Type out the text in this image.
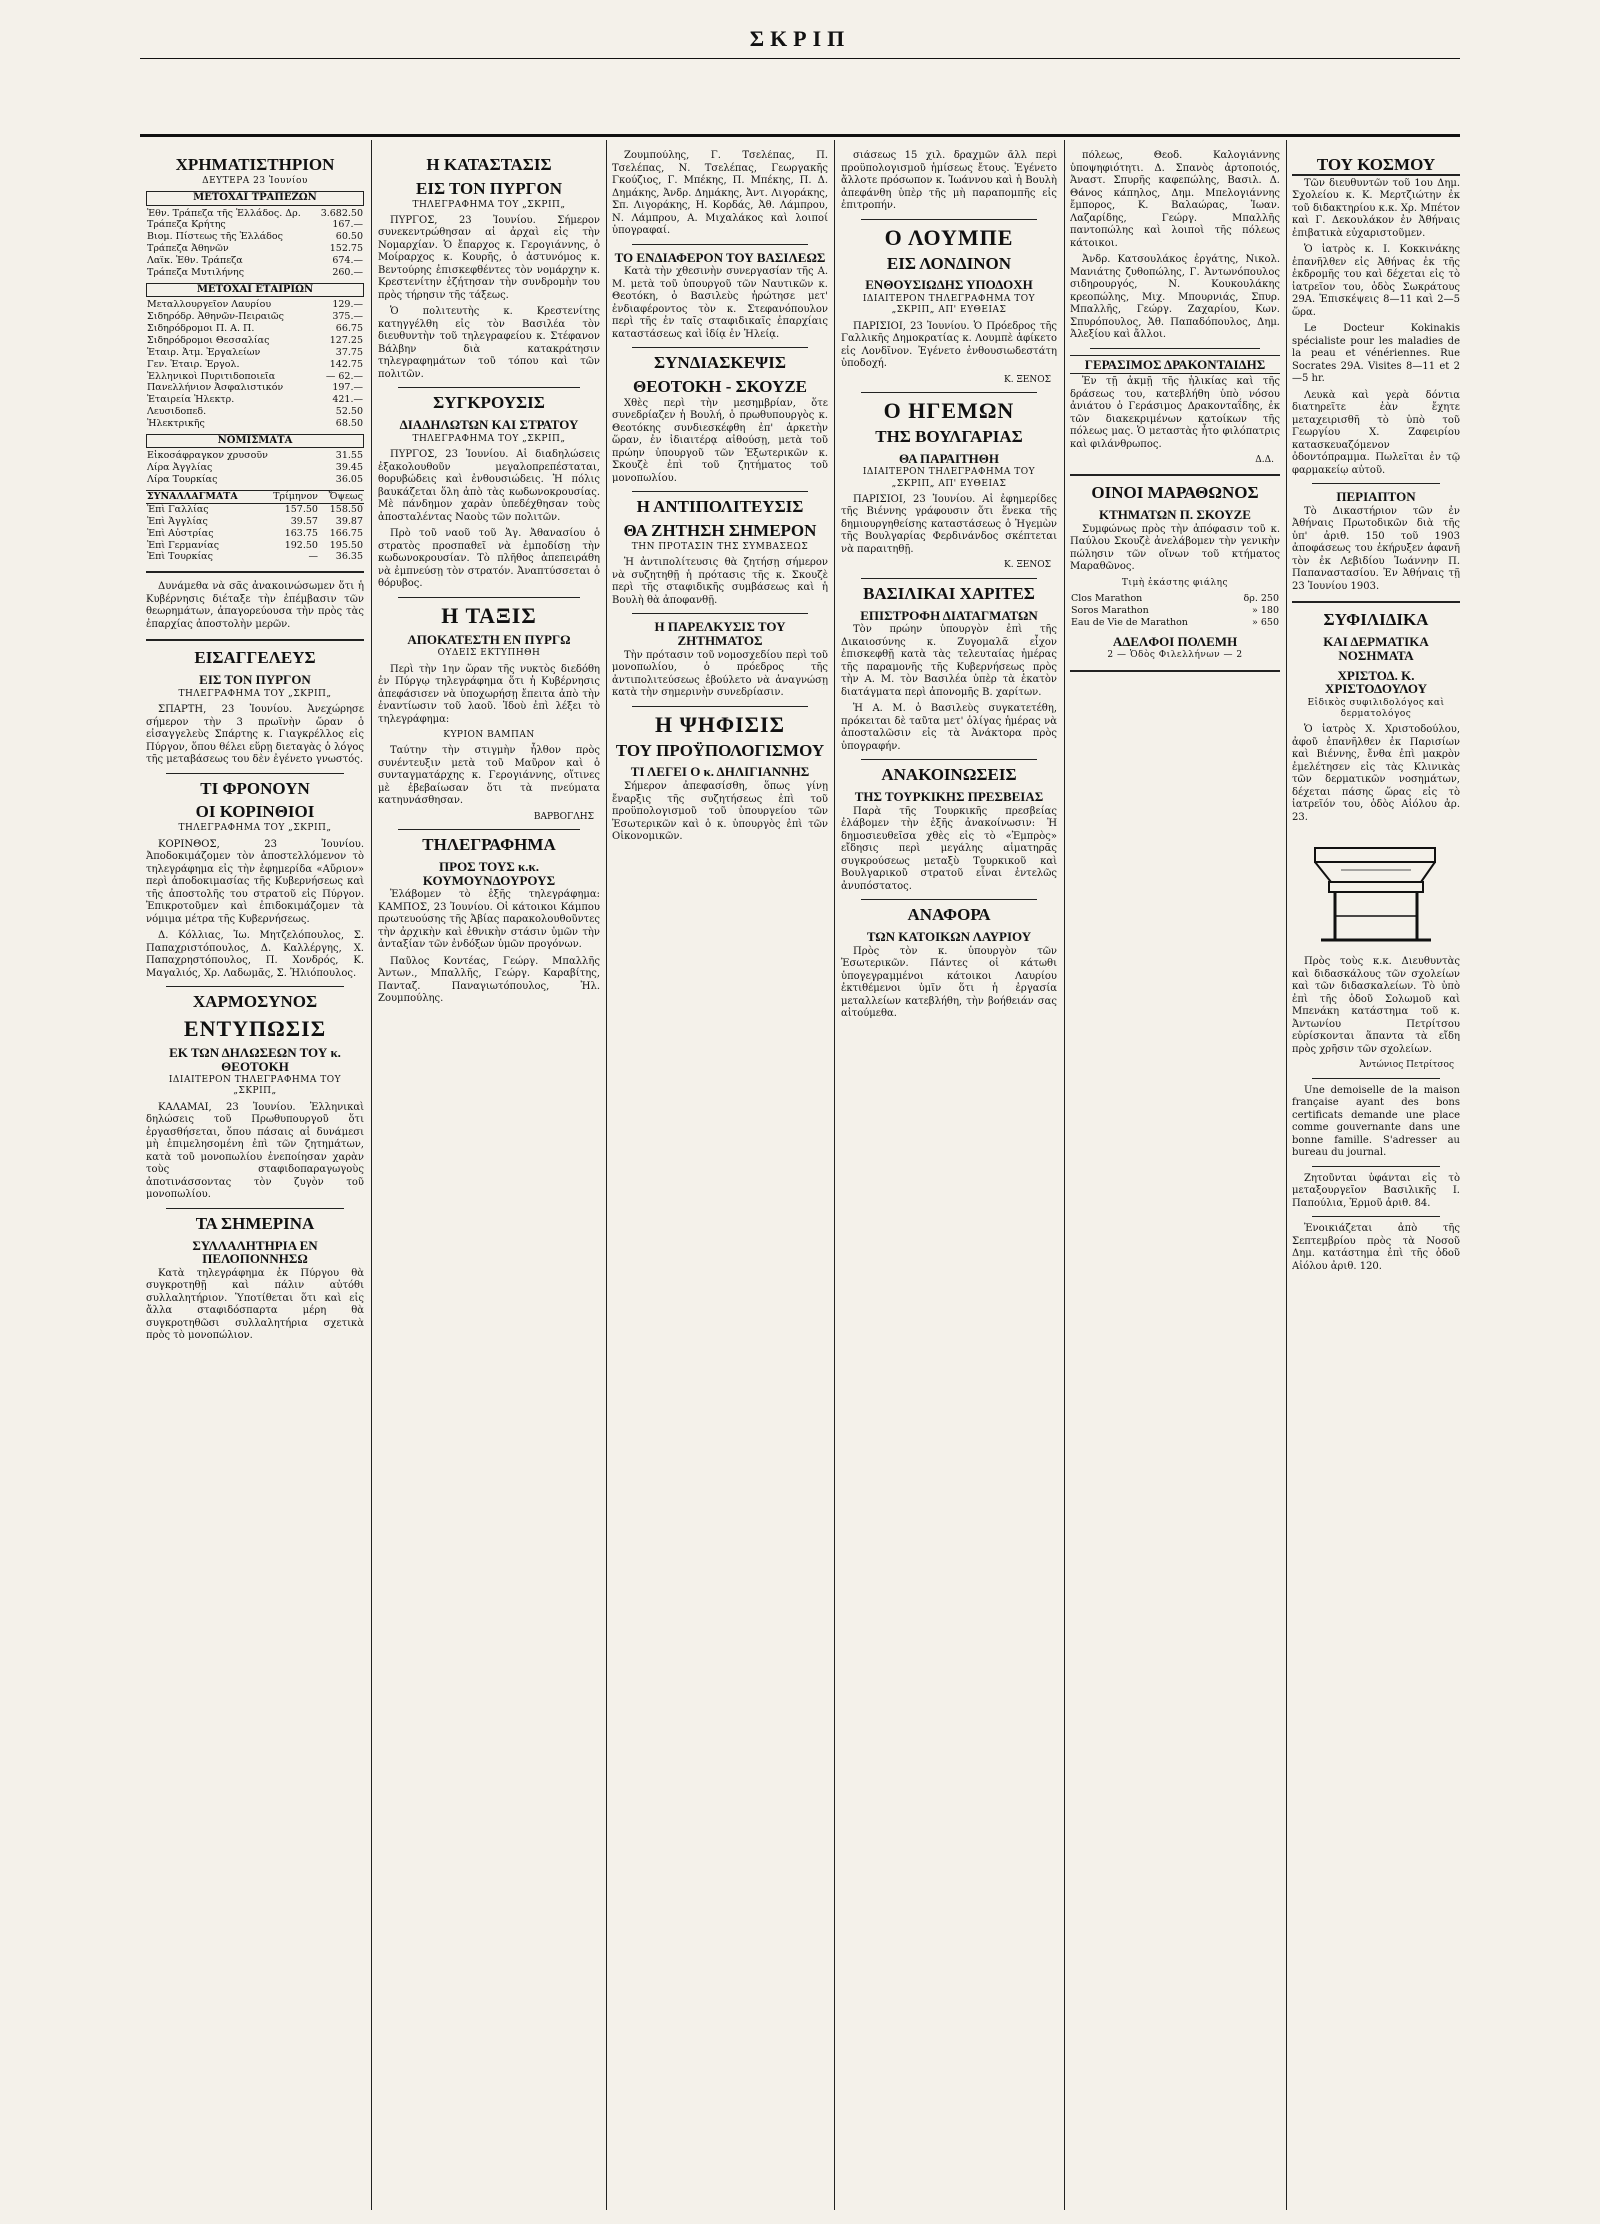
ΣΚΡΙΠ
ΧΡΗΜΑΤΙΣΤΗΡΙΟΝ
ΔΕΥΤΕΡΑ 23 Ἰουνίου
ΜΕΤΟΧΑΙ ΤΡΑΠΕΖΩΝ
Ἐθν. Τράπεζα τῆς Ἑλλάδος. Δρ.	3.682.50
Τράπεζα Κρήτης	167.—
Βιομ. Πίστεως τῆς Ἑλλάδος	60.50
Τράπεζα Ἀθηνῶν	152.75
Λαϊκ. Ἐθν. Τράπεζα	674.—
Τράπεζα Μυτιλήνης	260.—
ΜΕΤΟΧΑΙ ΕΤΑΙΡΙΩΝ
Μεταλλουργεῖον Λαυρίου	129.—
Σιδηρόδρ. Ἀθηνῶν-Πειραιῶς	375.—
Σιδηρόδρομοι Π. Α. Π.	66.75
Σιδηρόδρομοι Θεσσαλίας	127.25
Ἑταιρ. Ἀτμ. Ἐργαλείων	37.75
Γεν. Ἑταιρ. Ἐργολ.	142.75
Ἑλληνικοὶ Πυριτιδοποιεῖα	— 62.—
Πανελλήνιον Ἀσφαλιστικόν	197.—
Ἑταιρεία Ἠλεκτρ.	421.—
Λευσιδοπεδ.	52.50
Ἠλεκτρικῆς	68.50
ΝΟΜΙΣΜΑΤΑ
Εἰκοσάφραγκον χρυσοῦν	31.55
Λίρα Ἀγγλίας	39.45
Λίρα Τουρκίας	36.05
ΣΥΝΑΛΛΑΓΜΑΤΑ	Τρίμηνον	Ὄψεως
Ἐπὶ Γαλλίας	157.50	158.50
Ἐπὶ Ἀγγλίας	39.57	39.87
Ἐπὶ Αὐστρίας	163.75	166.75
Ἐπὶ Γερμανίας	192.50	195.50
Ἐπὶ Τουρκίας	—	36.35

Δυνάμεθα νὰ σᾶς ἀνακοινώσωμεν ὅτι ἡ Κυβέρνησις διέταξε τὴν ἐπέμβασιν τῶν θεωρημάτων, ἀπαγορεύουσα τὴν πρὸς τὰς ἐπαρχίας ἀποστολὴν μερῶν.

ΕΙΣΑΓΓΕΛΕΥΣ
ΕΙΣ ΤΟΝ ΠΥΡΓΟΝ
ΤΗΛΕΓΡΑΦΗΜΑ ΤΟΥ „ΣΚΡΙΠ„

ΣΠΑΡΤΗ, 23 Ἰουνίου. Ἀνεχώρησε σήμερον τὴν 3 πρωϊνὴν ὥραν ὁ εἰσαγγελεὺς Σπάρτης κ. Γιαγκρέλλος εἰς Πύργον, ὅπου θέλει εὕρῃ διεταγὰς ὁ λόγος τῆς μεταβάσεως του δὲν ἐγένετο γνωστός.

ΤΙ ΦΡΟΝΟΥΝ
ΟΙ ΚΟΡΙΝΘΙΟΙ
ΤΗΛΕΓΡΑΦΗΜΑ ΤΟΥ „ΣΚΡΙΠ„

ΚΟΡΙΝΘΟΣ, 23 Ἰουνίου. Ἀποδοκιμάζομεν τὸν ἀποστελλόμενον τὸ τηλεγράφημα εἰς τὴν ἐφημερίδα «Αὔριον» περὶ ἀποδοκιμασίας τῆς Κυβερνήσεως καὶ τῆς ἀποστολῆς του στρατοῦ εἰς Πύργον. Ἐπικροτοῦμεν καὶ ἐπιδοκιμάζομεν τὰ νόμιμα μέτρα τῆς Κυβερνήσεως.

Δ. Κόλλιας, Ἰω. Μητζελόπουλος, Σ. Παπαχριστόπουλος, Δ. Καλλέργης, Χ. Παπαχρηστόπουλος, Π. Χονδρός, Κ. Μαγαλιός, Χρ. Λαδωμᾶς, Σ. Ἠλιόπουλος.

ΧΑΡΜΟΣΥΝΟΣ
ΕΝΤΥΠΩΣΙΣ
ΕΚ ΤΩΝ ΔΗΛΩΣΕΩΝ ΤΟΥ κ. ΘΕΟΤΟΚΗ
ΙΔΙΑΙΤΕΡΟΝ ΤΗΛΕΓΡΑΦΗΜΑ ΤΟΥ „ΣΚΡΙΠ„

ΚΑΛΑΜΑΙ, 23 Ἰουνίου. Ἐλληνικαὶ δηλώσεις τοῦ Πρωθυπουργοῦ ὅτι ἐργασθήσεται, ὅπου πάσαις αἱ δυνάμεσι μὴ ἐπιμελησομένη ἐπὶ τῶν ζητημάτων, κατὰ τοῦ μονοπωλίου ἐνεποίησαν χαρὰν τοὺς σταφιδοπαραγωγοὺς ἀποτινάσσοντας τὸν ζυγὸν τοῦ μονοπωλίου.

ΤΑ ΣΗΜΕΡΙΝΑ
ΣΥΛΛΑΛΗΤΗΡΙΑ ΕΝ ΠΕΛΟΠΟΝΝΗΣΩ

Κατὰ τηλεγράφημα ἐκ Πύργου θὰ συγκροτηθῇ καὶ πάλιν αὐτόθι συλλαλητήριον. Ὑποτίθεται ὅτι καὶ εἰς ἄλλα σταφιδόσπαρτα μέρη θὰ συγκροτηθῶσι συλλαλητήρια σχετικὰ πρὸς τὸ μονοπώλιον.

Η ΚΑΤΑΣΤΑΣΙΣ
ΕΙΣ ΤΟΝ ΠΥΡΓΟΝ
ΤΗΛΕΓΡΑΦΗΜΑ ΤΟΥ „ΣΚΡΙΠ„

ΠΥΡΓΟΣ, 23 Ἰουνίου. Σήμερον συνεκεντρώθησαν αἱ ἀρχαὶ εἰς τὴν Νομαρχίαν. Ὁ ἔπαρχος κ. Γερογιάννης, ὁ Μοίραρχος κ. Κουρῆς, ὁ ἀστυνόμος κ. Βεντούρης ἐπισκεφθέντες τὸν νομάρχην κ. Κρεστενίτην ἐζήτησαν τὴν συνδρομὴν του πρὸς τήρησιν τῆς τάξεως.

Ὁ πολιτευτὴς κ. Κρεστενίτης κατηγγέλθη εἰς τὸν Βασιλέα τὸν διευθυντὴν τοῦ τηλεγραφείου κ. Στέφανον Βάλβην διὰ κατακράτησιν τηλεγραφημάτων τοῦ τόπου καὶ τῶν πολιτῶν.

ΣΥΓΚΡΟΥΣΙΣ
ΔΙΑΔΗΛΩΤΩΝ ΚΑΙ ΣΤΡΑΤΟΥ
ΤΗΛΕΓΡΑΦΗΜΑ ΤΟΥ „ΣΚΡΙΠ„

ΠΥΡΓΟΣ, 23 Ἰουνίου. Αἱ διαδηλώσεις ἐξακολουθοῦν μεγαλοπρεπέσταται, θορυβώδεις καὶ ἐνθουσιώδεις. Ἡ πόλις βαυκάζεται ὅλη ἀπὸ τὰς κωδωνοκρουσίας. Μὲ πάνδημον χαρὰν ὑπεδέχθησαν τοὺς ἀποσταλέντας Ναοὺς τῶν πολιτῶν.

Πρὸ τοῦ ναοῦ τοῦ Ἁγ. Ἀθανασίου ὁ στρατὸς προσπαθεῖ νὰ ἐμποδίσῃ τὴν κωδωνοκρουσίαν. Τὸ πλῆθος ἀπεπειράθη νὰ ἐμπνεύσῃ τὸν στρατόν. Ἀναπτύσσεται ὁ θόρυβος.

Η ΤΑΞΙΣ
ΑΠΟΚΑΤΕΣΤΗ ΕΝ ΠΥΡΓΩ
ΟΥΔΕΙΣ ΕΚΤΥΠΗΘΗ

Περὶ τὴν 1ην ὥραν τῆς νυκτὸς διεδόθη ἐν Πύργῳ τηλεγράφημα ὅτι ἡ Κυβέρνησις ἀπεφάσισεν νὰ ὑποχωρήσῃ ἔπειτα ἀπὸ τὴν ἐναντίωσιν τοῦ λαοῦ. Ἰδοὺ ἐπὶ λέξει τὸ τηλεγράφημα:

ΚΥΡΙΟΝ ΒΑΜΠΑΝ

Ταύτην τὴν στιγμὴν ἦλθον πρὸς συνέντευξιν μετὰ τοῦ Μαῦρον καὶ ὁ συνταγματάρχης κ. Γερογιάννης, οἵτινες μὲ ἐβεβαίωσαν ὅτι τὰ πνεύματα κατηυνάσθησαν.

ΒΑΡΒΟΓΛΗΣ
ΤΗΛΕΓΡΑΦΗΜΑ
ΠΡΟΣ ΤΟΥΣ κ.κ. ΚΟΥΜΟΥΝΔΟΥΡΟΥΣ

Ἐλάβομεν τὸ ἑξῆς τηλεγράφημα: ΚΑΜΠΟΣ, 23 Ἰουνίου. Οἱ κάτοικοι Κάμπου πρωτευούσης τῆς Ἀβίας παρακολουθοῦντες τὴν ἀρχικὴν καὶ ἐθνικὴν στάσιν ὑμῶν τὴν ἀνταξίαν τῶν ἐνδόξων ὑμῶν προγόνων.

Παῦλος Κοντέας, Γεώργ. Μπαλλῆς Ἀντων., Μπαλλῆς, Γεώργ. Καραβίτης, Πανταζ. Παναγιωτόπουλος, Ἠλ. Ζουμπούλης.

Ζουμπούλης, Γ. Τσελέπας, Π. Τσελέπας, Ν. Τσελέπας, Γεωργακῆς Γκούζιος, Γ. Μπέκης, Π. Μπέκης, Π. Δ. Δημάκης, Ἀνδρ. Δημάκης, Ἀντ. Λιγοράκης, Σπ. Λιγοράκης, Η. Κορδάς, Ἀθ. Λάμπρου, Ν. Λάμπρου, Α. Μιχαλάκος καὶ λοιποί ὑπογραφαί.

ΤΟ ΕΝΔΙΑΦΕΡΟΝ ΤΟΥ ΒΑΣΙΛΕΩΣ

Κατὰ τὴν χθεσινὴν συνεργασίαν τῆς Α. Μ. μετὰ τοῦ ὑπουργοῦ τῶν Ναυτικῶν κ. Θεοτόκη, ὁ Βασιλεὺς ἠρώτησε μετ' ἐνδιαφέροντος τὸν κ. Στεφανόπουλον περὶ τῆς ἐν ταῖς σταφιδικαῖς ἐπαρχίαις καταστάσεως καὶ ἰδίᾳ ἐν Ἠλείᾳ.

ΣΥΝΔΙΑΣΚΕΨΙΣ
ΘΕΟΤΟΚΗ - ΣΚΟΥΖΕ

Χθὲς περὶ τὴν μεσημβρίαν, ὅτε συνεδρίαζεν ἡ Βουλή, ὁ πρωθυπουργὸς κ. Θεοτόκης συνδιεσκέφθη ἐπ' ἀρκετὴν ὥραν, ἐν ἰδιαιτέρᾳ αἰθούσῃ, μετὰ τοῦ πρώην ὑπουργοῦ τῶν Ἐξωτερικῶν κ. Σκουζὲ ἐπὶ τοῦ ζητήματος τοῦ μονοπωλίου.

Η ΑΝΤΙΠΟΛΙΤΕΥΣΙΣ
ΘΑ ΖΗΤΗΣΗ ΣΗΜΕΡΟΝ
ΤΗΝ ΠΡΟΤΑΣΙΝ ΤΗΣ ΣΥΜΒΑΣΕΩΣ

Ἡ ἀντιπολίτευσις θὰ ζητήσῃ σήμερον νὰ συζητηθῇ ἡ πρότασις τῆς κ. Σκουζὲ περὶ τῆς σταφιδικῆς συμβάσεως καὶ ἡ Βουλὴ θὰ ἀποφανθῇ.

Η ΠΑΡΕΛΚΥΣΙΣ ΤΟΥ ΖΗΤΗΜΑΤΟΣ

Τὴν πρότασιν τοῦ νομοσχεδίου περὶ τοῦ μονοπωλίου, ὁ πρόεδρος τῆς ἀντιπολιτεύσεως ἐβούλετο νὰ ἀναγνώσῃ κατὰ τὴν σημερινὴν συνεδρίασιν.

Η ΨΗΦΙΣΙΣ
ΤΟΥ ΠΡΟΫΠΟΛΟΓΙΣΜΟΥ
ΤΙ ΛΕΓΕΙ Ο κ. ΔΗΛΙΓΙΑΝΝΗΣ

Σήμερον ἀπεφασίσθη, ὅπως γίνῃ ἔναρξις τῆς συζητήσεως ἐπὶ τοῦ προϋπολογισμοῦ τοῦ ὑπουργείου τῶν Ἐσωτερικῶν καὶ ὁ κ. ὑπουργὸς ἐπὶ τῶν Οἰκονομικῶν.

σιάσεως 15 χιλ. δραχμῶν ἄλλ περὶ προϋπολογισμοῦ ἡμίσεως ἔτους. Ἐγένετο ἄλλοτε πρόσωπον κ. Ἰωάννου καὶ ἡ Βουλὴ ἀπεφάνθη ὑπὲρ τῆς μὴ παραπομπῆς εἰς ἐπιτροπήν.

Ο ΛΟΥΜΠΕ
ΕΙΣ ΛΟΝΔΙΝΟΝ
ΕΝΘΟΥΣΙΩΔΗΣ ΥΠΟΔΟΧΗ
ΙΔΙΑΙΤΕΡΟΝ ΤΗΛΕΓΡΑΦΗΜΑ ΤΟΥ „ΣΚΡΙΠ„ ΑΠ' ΕΥΘΕΙΑΣ

ΠΑΡΙΣΙΟΙ, 23 Ἰουνίου. Ὁ Πρόεδρος τῆς Γαλλικῆς Δημοκρατίας κ. Λουμπὲ ἀφίκετο εἰς Λονδῖνον. Ἐγένετο ἐνθουσιωδεστάτη ὑποδοχή.

Κ. ΞΕΝΟΣ
Ο ΗΓΕΜΩΝ
ΤΗΣ ΒΟΥΛΓΑΡΙΑΣ
ΘΑ ΠΑΡΑΙΤΗΘΗ
ΙΔΙΑΙΤΕΡΟΝ ΤΗΛΕΓΡΑΦΗΜΑ ΤΟΥ „ΣΚΡΙΠ„ ΑΠ' ΕΥΘΕΙΑΣ

ΠΑΡΙΣΙΟΙ, 23 Ἰουνίου. Αἱ ἐφημερίδες τῆς Βιέννης γράφουσιν ὅτι ἕνεκα τῆς δημιουργηθείσης καταστάσεως ὁ Ἡγεμὼν τῆς Βουλγαρίας Φερδινάνδος σκέπτεται νὰ παραιτηθῇ.

Κ. ΞΕΝΟΣ
ΒΑΣΙΛΙΚΑΙ ΧΑΡΙΤΕΣ
ΕΠΙΣΤΡΟΦΗ ΔΙΑΤΑΓΜΑΤΩΝ

Τὸν πρώην ὑπουργὸν ἐπὶ τῆς Δικαιοσύνης κ. Ζυγομαλᾶ εἶχον ἐπισκεφθῇ κατὰ τὰς τελευταίας ἡμέρας τῆς παραμονῆς τῆς Κυβερνήσεως πρὸς τὴν Α. Μ. τὸν Βασιλέα ὑπὲρ τὰ ἐκατὸν διατάγματα περὶ ἀπονομῆς Β. χαρίτων.

Ἡ Α. Μ. ὁ Βασιλεὺς συγκατετέθη, πρόκειται δὲ ταῦτα μετ' ὀλίγας ἡμέρας νὰ ἀποσταλῶσιν εἰς τὰ Ἀνάκτορα πρὸς ὑπογραφήν.

ΑΝΑΚΟΙΝΩΣΕΙΣ
ΤΗΣ ΤΟΥΡΚΙΚΗΣ ΠΡΕΣΒΕΙΑΣ

Παρὰ τῆς Τουρκικῆς πρεσβείας ἐλάβομεν τὴν ἑξῆς ἀνακοίνωσιν: Ἡ δημοσιευθεῖσα χθὲς εἰς τὸ «Ἐμπρὸς» εἴδησις περὶ μεγάλης αἱματηρᾶς συγκρούσεως μεταξὺ Τουρκικοῦ καὶ Βουλγαρικοῦ στρατοῦ εἶναι ἐντελῶς ἀνυπόστατος.

ΑΝΑΦΟΡΑ
ΤΩΝ ΚΑΤΟΙΚΩΝ ΛΑΥΡΙΟΥ

Πρὸς τὸν κ. ὑπουργὸν τῶν Ἐσωτερικῶν. Πάντες οἱ κάτωθι ὑπογεγραμμένοι κάτοικοι Λαυρίου ἐκτιθέμενοι ὑμῖν ὅτι ἡ ἐργασία μεταλλείων κατεβλήθη, τὴν βοήθειάν σας αἰτούμεθα.

πόλεως, Θεοδ. Καλογιάννης ὑποψηφιότητι. Δ. Σπανὸς ἀρτοποιός, Ἀναστ. Σπυρῆς καφεπώλης, Βασιλ. Δ. Θάνος κάπηλος, Δημ. Μπελογιάννης ἔμπορος, Κ. Βαλαώρας, Ἰωαν. Λαζαρίδης, Γεώργ. Μπαλλῆς παντοπώλης καὶ λοιποὶ τῆς πόλεως κάτοικοι.

Ἀνδρ. Κατσουλάκος ἐργάτης, Νικολ. Μανιάτης ζυθοπώλης, Γ. Ἀντωνόπουλος σιδηρουργός, Ν. Κουκουλάκης κρεοπώλης, Μιχ. Μπουρνιάς, Σπυρ. Μπαλλῆς, Γεώργ. Ζαχαρίου, Κων. Σπυρόπουλος, Ἀθ. Παπαδόπουλος, Δημ. Ἀλεξίου καὶ ἄλλοι.

ΓΕΡΑΣΙΜΟΣ ΔΡΑΚΟΝΤΑΙΔΗΣ

Ἐν τῇ ἀκμῇ τῆς ἡλικίας καὶ τῆς δράσεως του, κατεβλήθη ὑπὸ νόσου ἀνιάτου ὁ Γεράσιμος Δρακονταΐδης, ἐκ τῶν διακεκριμένων κατοίκων τῆς πόλεως μας. Ὁ μεταστὰς ἦτο φιλόπατρις καὶ φιλάνθρωπος.

Δ.Δ.
ΟΙΝΟΙ ΜΑΡΑΘΩΝΟΣ
ΚΤΗΜΑΤΩΝ Π. ΣΚΟΥΖΕ

Συμφώνως πρὸς τὴν ἀπόφασιν τοῦ κ. Παύλου Σκουζὲ ἀνελάβομεν τὴν γενικὴν πώλησιν τῶν οἴνων τοῦ κτήματος Μαραθῶνος.

Τιμὴ ἑκάστης φιάλης
Clos Marathon	δρ. 250
Soros Marathon	» 180
Eau de Vie de Marathon	» 650
ΑΔΕΛΦΟΙ ΠΟΛΕΜΗ
2 — Ὁδὸς Φιλελλήνων — 2
ΤΟΥ ΚΟΣΜΟΥ

Τῶν διευθυντῶν τοῦ 1ου Δημ. Σχολείου κ. Κ. Μερτζιώτην ἐκ τοῦ διδακτηρίου κ.κ. Χρ. Μπέτον καὶ Γ. Δεκουλάκον ἐν Ἀθήναις ἐπιβατικὰ εὐχαριστοῦμεν.

Ὁ ἰατρὸς κ. Ι. Κοκκινάκης ἐπανῆλθεν εἰς Ἀθήνας ἐκ τῆς ἐκδρομῆς του καὶ δέχεται εἰς τὸ ἰατρεῖον του, ὁδὸς Σωκράτους 29Α. Ἐπισκέψεις 8—11 καὶ 2—5 ὥρα.

Le Docteur Kokinakis spécialiste pour les maladies de la peau et vénériennes. Rue Socrates 29A. Visites 8—11 et 2—5 hr.

Λευκὰ καὶ γερὰ δόντια διατηρεῖτε ἐὰν ἔχητε μεταχειρισθῆ τὸ ὑπὸ τοῦ Γεωργίου Χ. Ζαφειρίου κατασκευαζόμενον ὀδοντόπραμμα. Πωλεῖται ἐν τῷ φαρμακείῳ αὐτοῦ.

ΠΕΡΙΑΠΤΟΝ

Τὸ Δικαστήριον τῶν ἐν Ἀθήναις Πρωτοδικῶν διὰ τῆς ὑπ' ἀριθ. 150 τοῦ 1903 ἀποφάσεως του ἐκήρυξεν ἀφανῆ τὸν ἐκ Λεβιδίου Ἰωάννην Π. Παπαναστασίου. Ἐν Ἀθήναις τῇ 23 Ἰουνίου 1903.

ΣΥΦΙΛΙΔΙΚΑ
ΚΑΙ ΔΕΡΜΑΤΙΚΑ ΝΟΣΗΜΑΤΑ
ΧΡΙΣΤΟΔ. Κ. ΧΡΙΣΤΟΔΟΥΛΟΥ
Εἰδικὸς συφιλιδολόγος καὶ δερματολόγος

Ὁ ἰατρὸς Χ. Χριστοδούλου, ἀφοῦ ἐπανῆλθεν ἐκ Παρισίων καὶ Βιέννης, ἔνθα ἐπὶ μακρὸν ἐμελέτησεν εἰς τὰς Κλινικὰς τῶν δερματικῶν νοσημάτων, δέχεται πάσης ὥρας εἰς τὸ ἰατρεῖόν του, ὁδὸς Αἰόλου ἀρ. 23.

Πρὸς τοὺς κ.κ. Διευθυντὰς καὶ διδασκάλους τῶν σχολείων καὶ τῶν διδασκαλείων. Τὸ ὑπὸ ἐπὶ τῆς ὁδοῦ Σολωμοῦ καὶ Μπενάκη κατάστημα τοῦ κ. Ἀντωνίου Πετρίτσου εὑρίσκονται ἅπαντα τὰ εἴδη πρὸς χρῆσιν τῶν σχολείων.

Ἀντώνιος Πετρίτσος

Une demoiselle de la maison française ayant des bons certificats demande une place comme gouvernante dans une bonne famille. S'adresser au bureau du journal.

Ζητοῦνται ὑφάνται εἰς τὸ μεταξουργεῖον Βασιλικῆς Ι. Παπούλια, Ἑρμοῦ ἀριθ. 84.

Ἐνοικιάζεται ἀπὸ τῆς Σεπτεμβρίου πρὸς τὰ Νοσοῦ Δημ. κατάστημα ἐπὶ τῆς ὁδοῦ Αἰόλου ἀριθ. 120.
